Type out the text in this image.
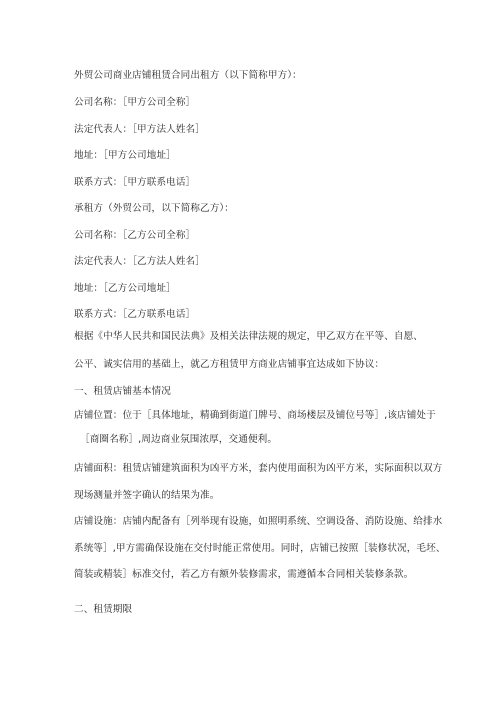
外贸公司商业店铺租赁合同出租方（以下简称甲方）：
公司名称：［甲方公司全称］
法定代表人：［甲方法人姓名］
地址：［甲方公司地址］
联系方式：［甲方联系电话］
承租方（外贸公司，以下简称乙方）：
公司名称：［乙方公司全称］
法定代表人：［乙方法人姓名］
地址：［乙方公司地址］
联系方式：［乙方联系电话］
根据《中华人民共和国民法典》及相关法律法规的规定，甲乙双方在平等、自愿、
公平、诚实信用的基础上，就乙方租赁甲方商业店铺事宜达成如下协议：
一、租赁店铺基本情况
店铺位置：位于［具体地址，精确到街道门牌号、商场楼层及铺位号等］,该店铺处于
［商圈名称］,周边商业氛围浓厚，交通便利。
店铺面积：租赁店铺建筑面积为凶平方米，套内使用面积为凶平方米，实际面积以双方
现场测量并签字确认的结果为准。
店铺设施：店铺内配备有［列举现有设施，如照明系统、空调设备、消防设施、给排水
系统等］,甲方需确保设施在交付时能正常使用。同时，店铺已按照［装修状况，毛坯、
简装或精装］标准交付，若乙方有额外装修需求，需遵循本合同相关装修条款。
二、租赁期限
